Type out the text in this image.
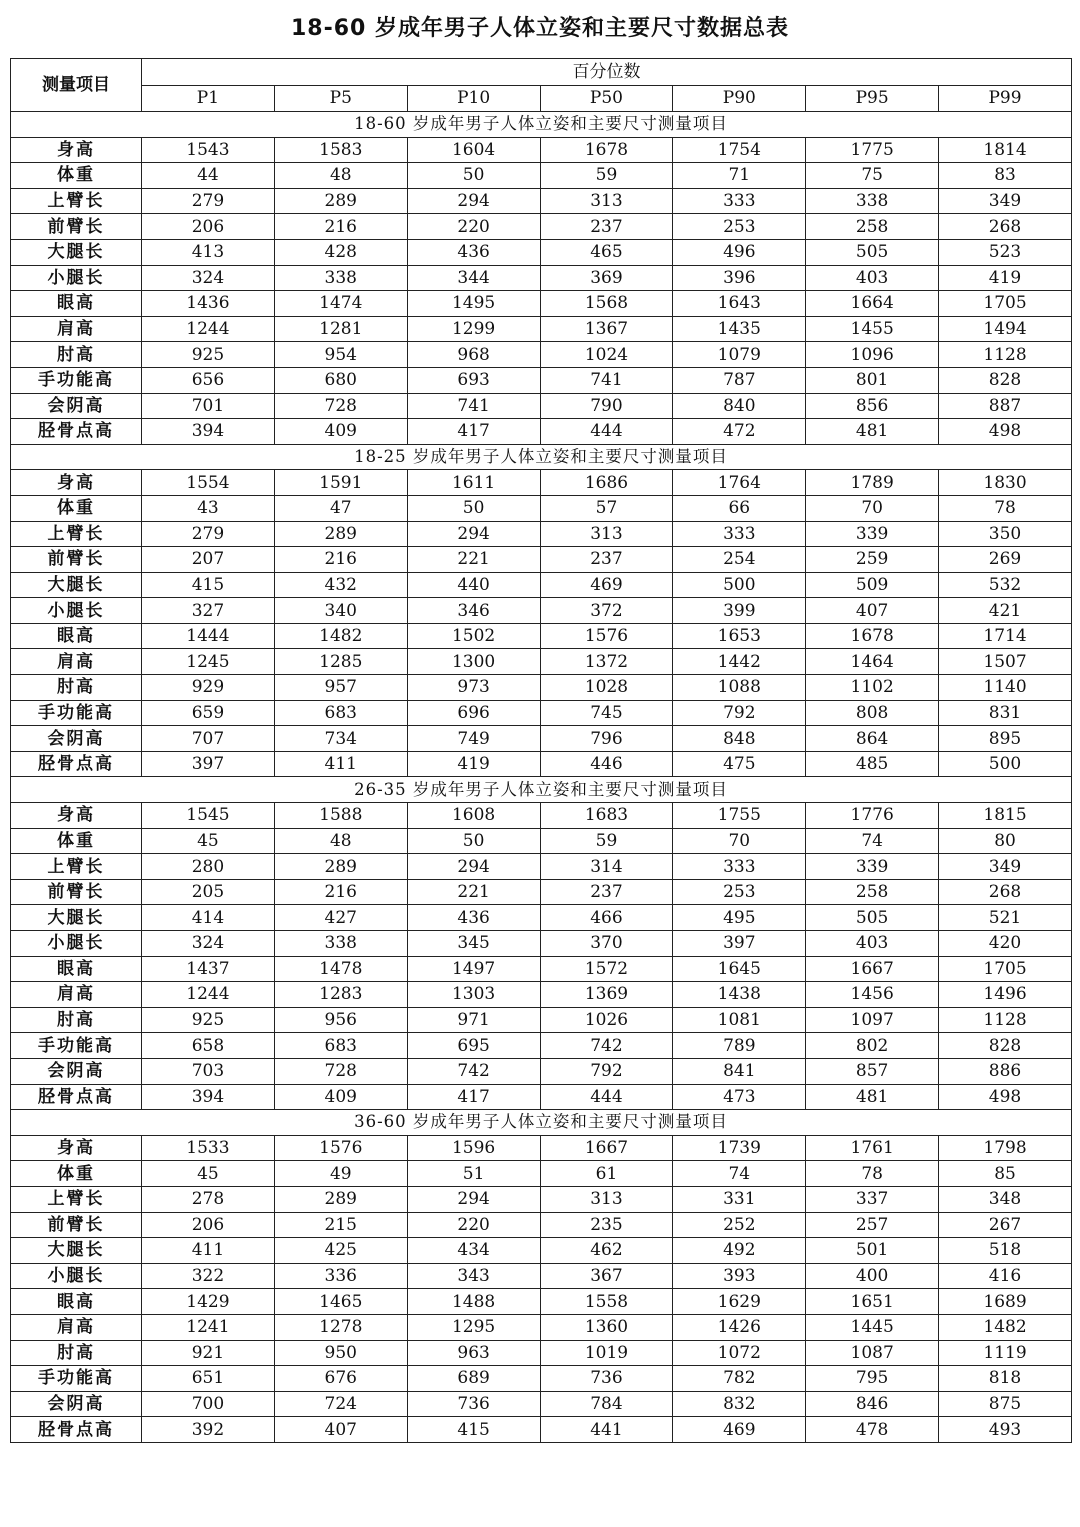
18-60 岁成年男子人体立姿和主要尺寸数据总表
测量项目	百分位数						
	P1	P5	P10	P50	P90	P95	P99
18-60 岁成年男子人体立姿和主要尺寸测量项目							
身高	1543	1583	1604	1678	1754	1775	1814
体重	44	48	50	59	71	75	83
上臂长	279	289	294	313	333	338	349
前臂长	206	216	220	237	253	258	268
大腿长	413	428	436	465	496	505	523
小腿长	324	338	344	369	396	403	419
眼高	1436	1474	1495	1568	1643	1664	1705
肩高	1244	1281	1299	1367	1435	1455	1494
肘高	925	954	968	1024	1079	1096	1128
手功能高	656	680	693	741	787	801	828
会阴高	701	728	741	790	840	856	887
胫骨点高	394	409	417	444	472	481	498
18-25 岁成年男子人体立姿和主要尺寸测量项目							
身高	1554	1591	1611	1686	1764	1789	1830
体重	43	47	50	57	66	70	78
上臂长	279	289	294	313	333	339	350
前臂长	207	216	221	237	254	259	269
大腿长	415	432	440	469	500	509	532
小腿长	327	340	346	372	399	407	421
眼高	1444	1482	1502	1576	1653	1678	1714
肩高	1245	1285	1300	1372	1442	1464	1507
肘高	929	957	973	1028	1088	1102	1140
手功能高	659	683	696	745	792	808	831
会阴高	707	734	749	796	848	864	895
胫骨点高	397	411	419	446	475	485	500
26-35 岁成年男子人体立姿和主要尺寸测量项目							
身高	1545	1588	1608	1683	1755	1776	1815
体重	45	48	50	59	70	74	80
上臂长	280	289	294	314	333	339	349
前臂长	205	216	221	237	253	258	268
大腿长	414	427	436	466	495	505	521
小腿长	324	338	345	370	397	403	420
眼高	1437	1478	1497	1572	1645	1667	1705
肩高	1244	1283	1303	1369	1438	1456	1496
肘高	925	956	971	1026	1081	1097	1128
手功能高	658	683	695	742	789	802	828
会阴高	703	728	742	792	841	857	886
胫骨点高	394	409	417	444	473	481	498
36-60 岁成年男子人体立姿和主要尺寸测量项目							
身高	1533	1576	1596	1667	1739	1761	1798
体重	45	49	51	61	74	78	85
上臂长	278	289	294	313	331	337	348
前臂长	206	215	220	235	252	257	267
大腿长	411	425	434	462	492	501	518
小腿长	322	336	343	367	393	400	416
眼高	1429	1465	1488	1558	1629	1651	1689
肩高	1241	1278	1295	1360	1426	1445	1482
肘高	921	950	963	1019	1072	1087	1119
手功能高	651	676	689	736	782	795	818
会阴高	700	724	736	784	832	846	875
胫骨点高	392	407	415	441	469	478	493
